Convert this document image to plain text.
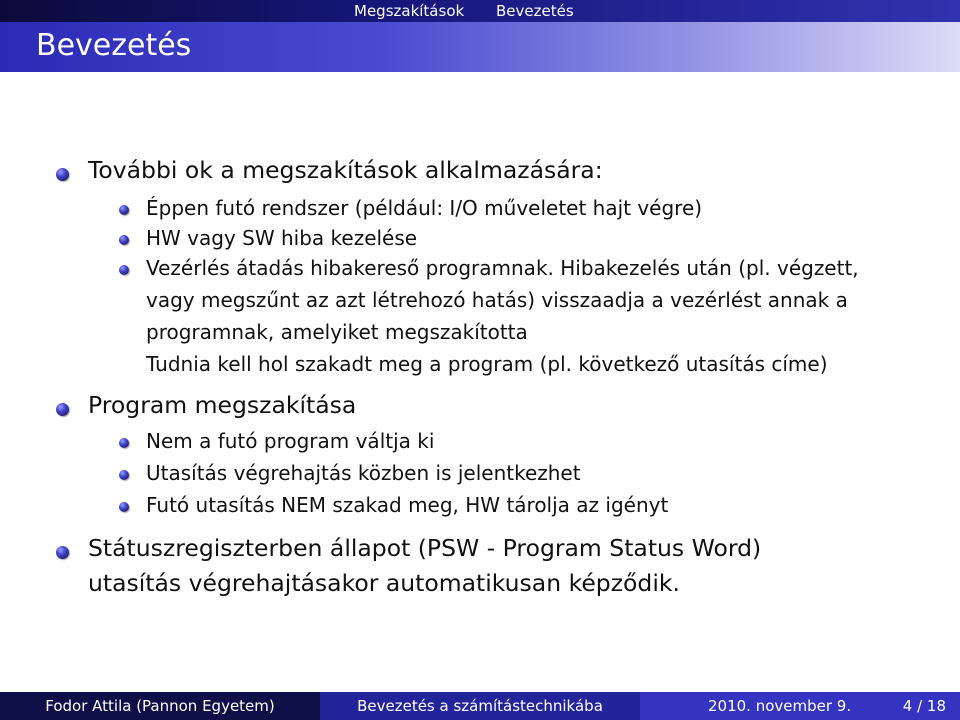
Megszakítások Bevezetés
Bevezetés
További ok a megszakítások alkalmazására:
Éppen futó rendszer (például: I/O műveletet hajt végre)
HW vagy SW hiba kezelése
Vezérlés átadás hibakereső programnak. Hibakezelés után (pl. végzett,
vagy megszűnt az azt létrehozó hatás) visszaadja a vezérlést annak a
programnak, amelyiket megszakította
Tudnia kell hol szakadt meg a program (pl. következő utasítás címe)
Program megszakítása
Nem a futó program váltja ki
Utasítás végrehajtás közben is jelentkezhet
Futó utasítás NEM szakad meg, HW tárolja az igényt
Státuszregiszterben állapot (PSW - Program Status Word)
utasítás végrehajtásakor automatikusan képződik.
Fodor Attila (Pannon Egyetem)	Bevezetés a számítástechnikába	2010. november 9.	4 / 18
